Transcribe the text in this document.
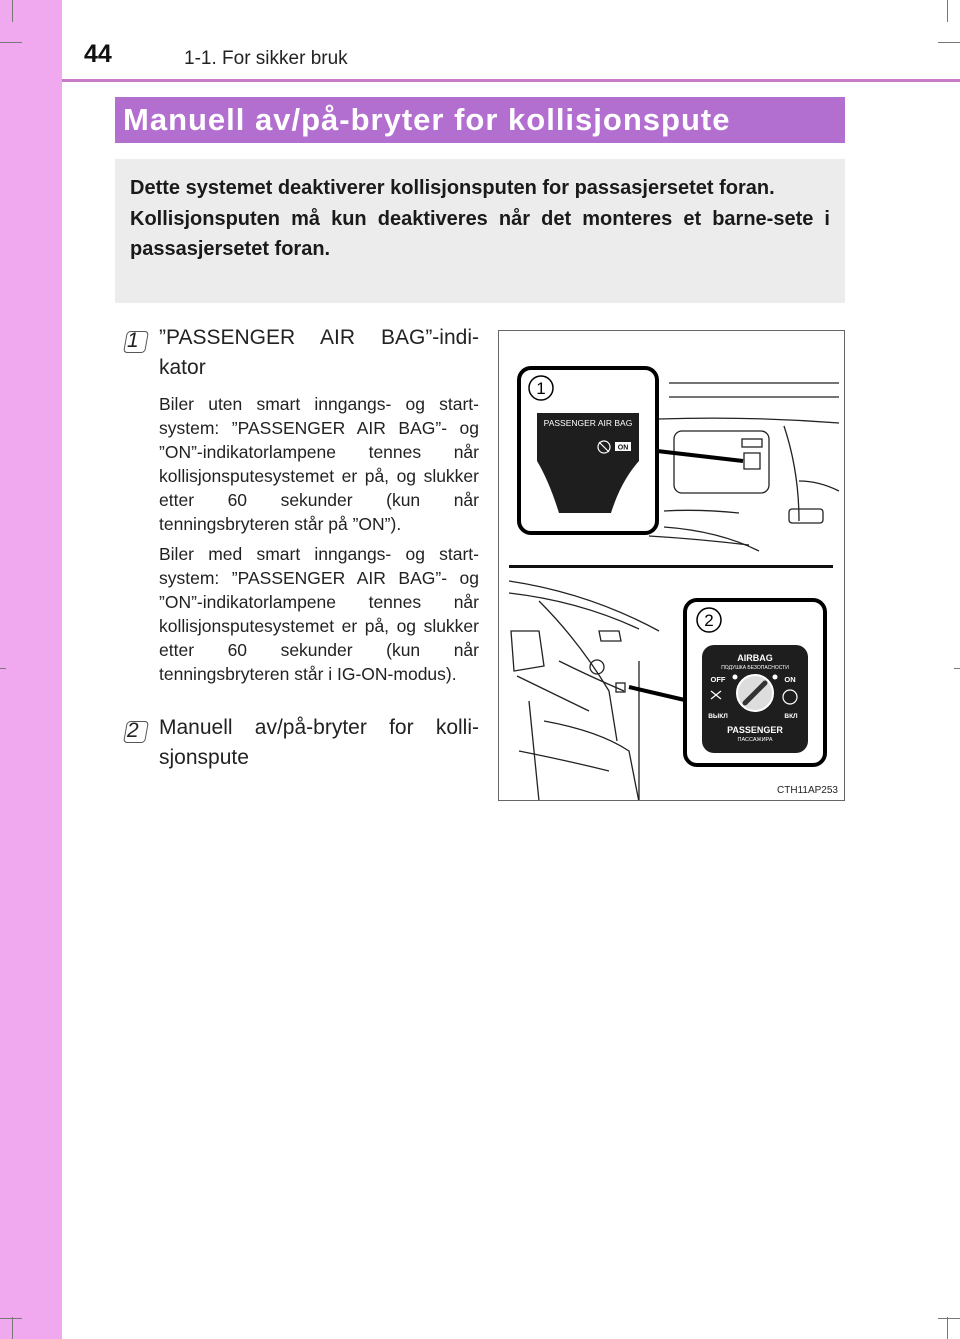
44	1-1. For sikker bruk
Manuell av/på-bryter for kollisjonspute

Dette systemet deaktiverer kollisjonsputen for passasjersetet foran.

Kollisjonsputen må kun deaktiveres når det monteres et barne-sete i passasjersetet foran.

1 ”PASSENGER AIR BAG”-indi-kator
Biler uten smart inngangs- og start-system: ”PASSENGER AIR BAG”- og ”ON”-indikatorlampene tennes når kollisjonsputesystemet er på, og slukker etter 60 sekunder (kun når tenningsbryteren står på ”ON”).
Biler med smart inngangs- og start-system: ”PASSENGER AIR BAG”- og ”ON”-indikatorlampene tennes når kollisjonsputesystemet er på, og slukker etter 60 sekunder (kun når tenningsbryteren står i IG-ON-modus).
2 Manuell av/på-bryter for kolli-sjonspute
1
PASSENGER AIR BAG
ON
2
AIRBAG
ПОДУШКА БЕЗОПАСНОСТИ
OFF	ON
ВЫКЛ	ВКЛ
PASSENGER
ПАССАЖИРА
CTH11AP253
